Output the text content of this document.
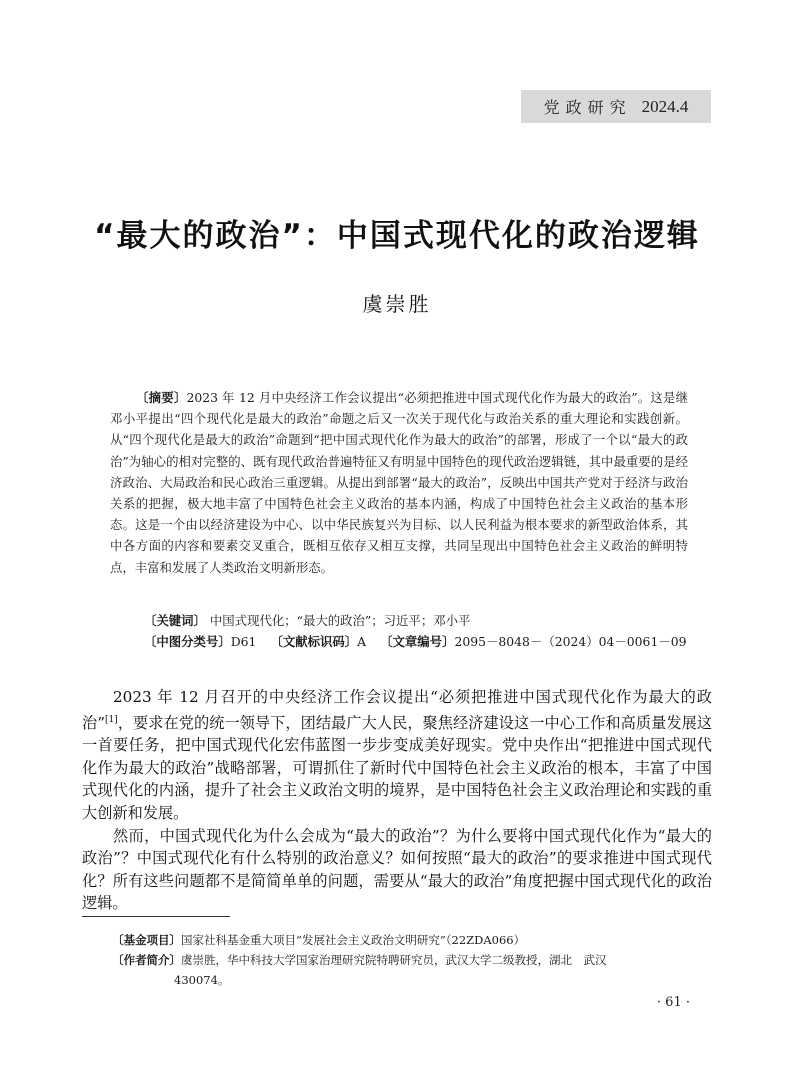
党政研究 2024.4
“最大的政治”：中国式现代化的政治逻辑
虞崇胜

〔摘要〕2023 年 12 月中央经济工作会议提出“必须把推进中国式现代化作为最大的政治”。这是继邓小平提出“四个现代化是最大的政治”命题之后又一次关于现代化与政治关系的重大理论和实践创新。从“四个现代化是最大的政治”命题到“把中国式现代化作为最大的政治”的部署，形成了一个以“最大的政治”为轴心的相对完整的、既有现代政治普遍特征又有明显中国特色的现代政治逻辑链，其中最重要的是经济政治、大局政治和民心政治三重逻辑。从提出到部署“最大的政治”，反映出中国共产党对于经济与政治关系的把握，极大地丰富了中国特色社会主义政治的基本内涵，构成了中国特色社会主义政治的基本形态。这是一个由以经济建设为中心、以中华民族复兴为目标、以人民利益为根本要求的新型政治体系，其中各方面的内容和要素交叉重合，既相互依存又相互支撑，共同呈现出中国特色社会主义政治的鲜明特点，丰富和发展了人类政治文明新形态。

〔关键词〕 中国式现代化；“最大的政治”；习近平；邓小平
〔中图分类号〕D61 〔文献标识码〕A 〔文章编号〕2095－8048－（2024）04－0061－09

2023 年 12 月召开的中央经济工作会议提出“必须把推进中国式现代化作为最大的政治”[1]，要求在党的统一领导下，团结最广大人民，聚焦经济建设这一中心工作和高质量发展这一首要任务，把中国式现代化宏伟蓝图一步步变成美好现实。党中央作出“把推进中国式现代化作为最大的政治”战略部署，可谓抓住了新时代中国特色社会主义政治的根本，丰富了中国式现代化的内涵，提升了社会主义政治文明的境界，是中国特色社会主义政治理论和实践的重大创新和发展。

然而，中国式现代化为什么会成为“最大的政治”？为什么要将中国式现代化作为“最大的政治”？中国式现代化有什么特别的政治意义？如何按照“最大的政治”的要求推进中国式现代化？所有这些问题都不是简简单单的问题，需要从“最大的政治”角度把握中国式现代化的政治逻辑。

〔基金项目〕国家社科基金重大项目“发展社会主义政治文明研究”（22ZDA066）
〔作者简介〕虞崇胜，华中科技大学国家治理研究院特聘研究员，武汉大学二级教授，湖北　武汉
430074。
· 61 ·
